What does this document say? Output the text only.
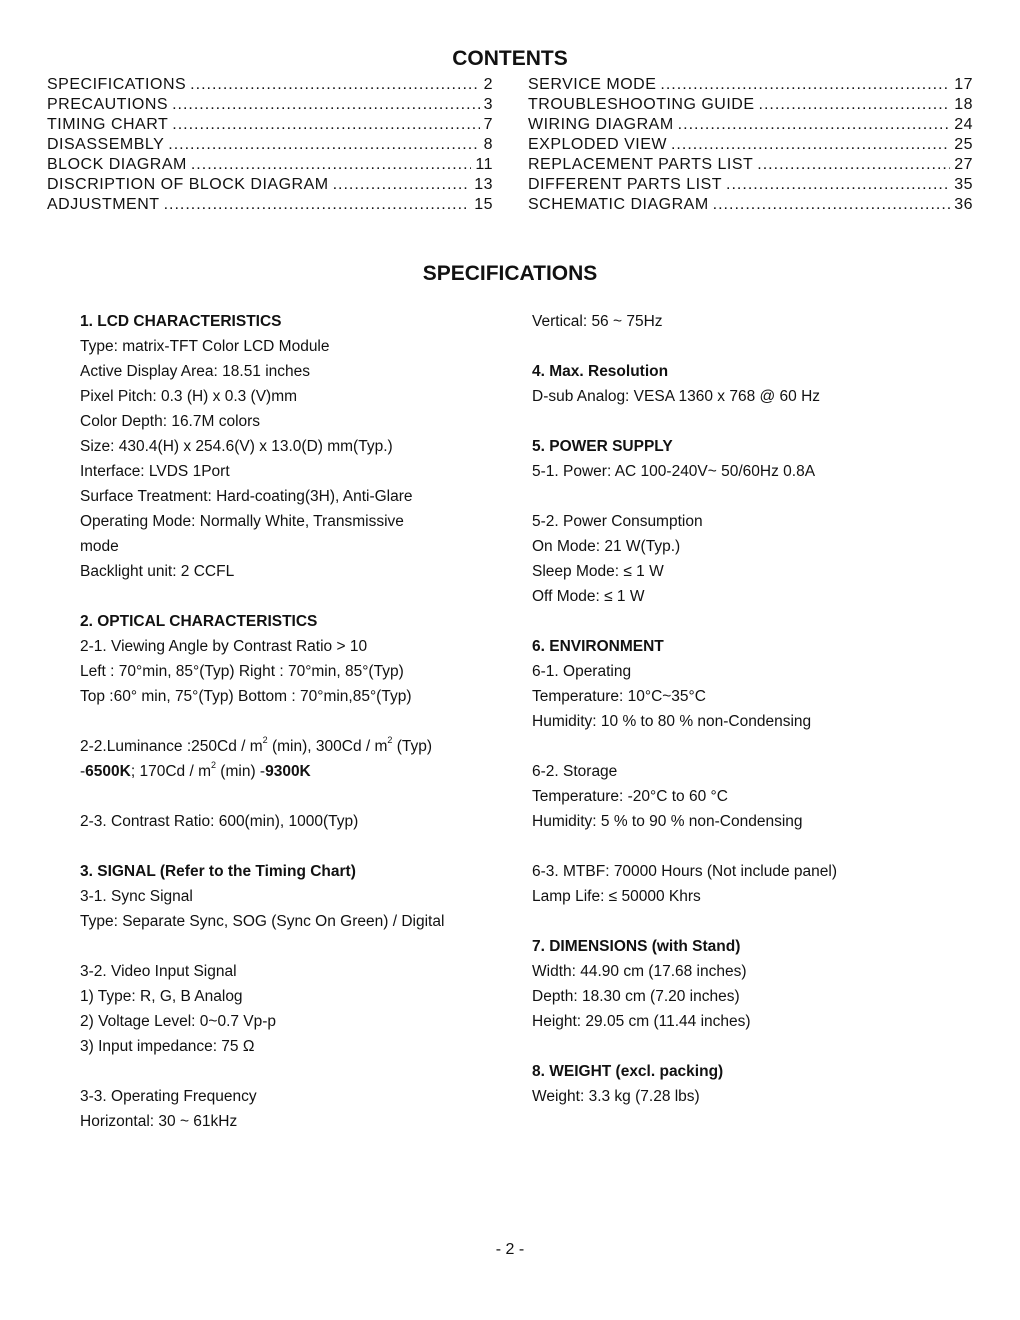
CONTENTS
SPECIFICATIONS .....	2
PRECAUTIONS .....	3
TIMING CHART .....	7
DISASSEMBLY .....	8
BLOCK DIAGRAM .....	11
DISCRIPTION OF BLOCK DIAGRAM .....	13
ADJUSTMENT .....	15
SERVICE MODE .....	17
TROUBLESHOOTING GUIDE .....	18
WIRING DIAGRAM .....	24
EXPLODED VIEW .....	25
REPLACEMENT PARTS LIST .....	27
DIFFERENT PARTS LIST .....	35
SCHEMATIC DIAGRAM .....	36
SPECIFICATIONS
1. LCD CHARACTERISTICS
Type: matrix-TFT Color LCD Module
Active Display Area: 18.51 inches
Pixel Pitch: 0.3 (H) x 0.3 (V)mm
Color Depth: 16.7M colors
Size: 430.4(H) x 254.6(V) x 13.0(D) mm(Typ.)
Interface: LVDS 1Port
Surface Treatment: Hard-coating(3H), Anti-Glare
Operating Mode: Normally White, Transmissive
mode
Backlight unit: 2 CCFL
2. OPTICAL CHARACTERISTICS
2-1. Viewing Angle by Contrast Ratio > 10
Left : 70°min, 85°(Typ) Right : 70°min, 85°(Typ)
Top :60° min, 75°(Typ) Bottom : 70°min,85°(Typ)
2-2.Luminance :250Cd / $m^2$ (min), $300Cd / m^2$ (Typ)
-6500K; $170Cd / m^2$ (min) -9300K
2-3. Contrast Ratio: 600(min), 1000(Typ)
3. SIGNAL (Refer to the Timing Chart)
3-1. Sync Signal
Type: Separate Sync, SOG (Sync On Green) / Digital
3-2. Video Input Signal
1) Type: R, G, B Analog
2) Voltage Level: 0~0.7 Vp-p
3) Input impedance: 75 Ω
3-3. Operating Frequency
Horizontal: 30 ~ 61kHz
Vertical: 56 ~ 75Hz
4. Max. Resolution
D-sub Analog: VESA 1360 x 768 @ 60 Hz
5. POWER SUPPLY
5-1. Power: AC 100-240V~ 50/60Hz 0.8A
5-2. Power Consumption
On Mode: 21 W(Typ.)
Sleep Mode: ≤ 1 W
Off Mode: ≤ 1 W
6. ENVIRONMENT
6-1. Operating
Temperature: 10°C~35°C
Humidity: 10 % to 80 % non-Condensing
6-2. Storage
Temperature: -20°C to 60 °C
Humidity: 5 % to 90 % non-Condensing
6-3. MTBF: 70000 Hours (Not include panel)
Lamp Life: ≤ 50000 Khrs
7. DIMENSIONS (with Stand)
Width: 44.90 cm (17.68 inches)
Depth: 18.30 cm (7.20 inches)
Height: 29.05 cm (11.44 inches)
8. WEIGHT (excl. packing)
Weight: 3.3 kg (7.28 lbs)
- 2 -
